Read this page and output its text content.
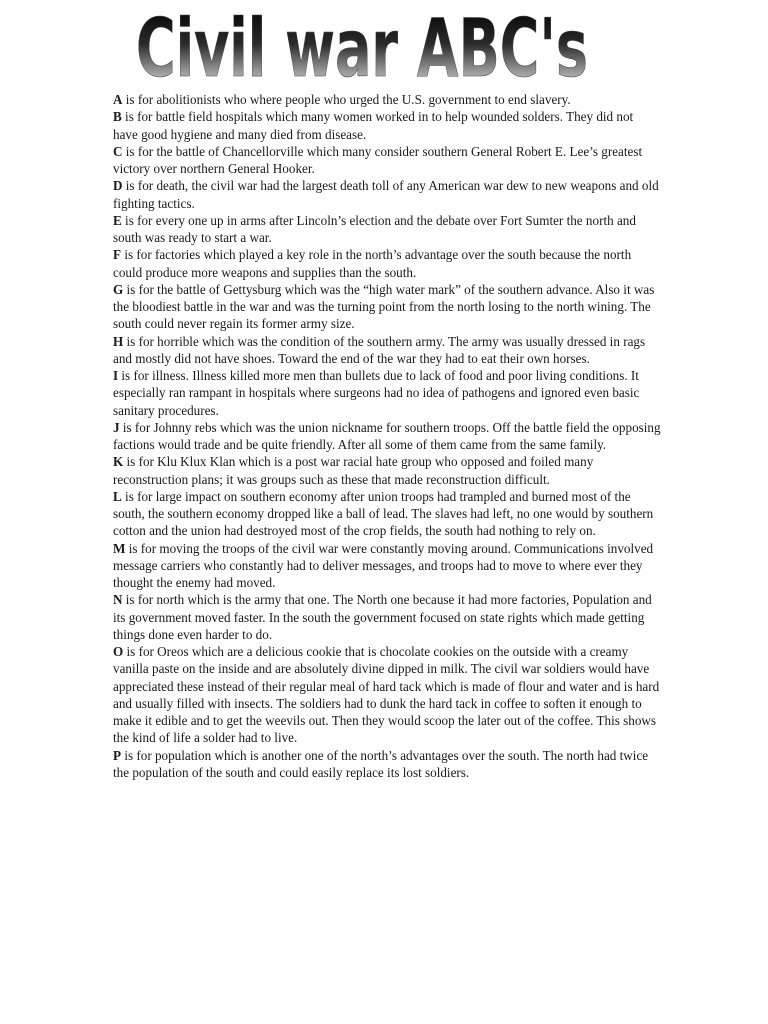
Civil war ABC's

A is for abolitionists who where people who urged the U.S. government to end slavery.

B is for battle field hospitals which many women worked in to help wounded solders. They did not have good hygiene and many died from disease.

C is for the battle of Chancellorville which many consider southern General Robert E. Lee’s greatest victory over northern General Hooker.

D is for death, the civil war had the largest death toll of any American war dew to new weapons and old fighting tactics.

E is for every one up in arms after Lincoln’s election and the debate over Fort Sumter the north and south was ready to start a war.

F is for factories which played a key role in the north’s advantage over the south because the north could produce more weapons and supplies than the south.

G is for the battle of Gettysburg which was the “high water mark” of the southern advance. Also it was the bloodiest battle in the war and was the turning point from the north losing to the north wining. The south could never regain its former army size.

H is for horrible which was the condition of the southern army. The army was usually dressed in rags and mostly did not have shoes. Toward the end of the war they had to eat their own horses.

I is for illness. Illness killed more men than bullets due to lack of food and poor living conditions. It especially ran rampant in hospitals where surgeons had no idea of pathogens and ignored even basic sanitary procedures.

J is for Johnny rebs which was the union nickname for southern troops. Off the battle field the opposing factions would trade and be quite friendly. After all some of them came from the same family.

K is for Klu Klux Klan which is a post war racial hate group who opposed and foiled many reconstruction plans; it was groups such as these that made reconstruction difficult.

L is for large impact on southern economy after union troops had trampled and burned most of the south, the southern economy dropped like a ball of lead. The slaves had left, no one would by southern cotton and the union had destroyed most of the crop fields, the south had nothing to rely on.

M is for moving the troops of the civil war were constantly moving around. Communications involved message carriers who constantly had to deliver messages, and troops had to move to where ever they thought the enemy had moved.

N is for north which is the army that one. The North one because it had more factories, Population and its government moved faster. In the south the government focused on state rights which made getting things done even harder to do.

O is for Oreos which are a delicious cookie that is chocolate cookies on the outside with a creamy vanilla paste on the inside and are absolutely divine dipped in milk. The civil war soldiers would have appreciated these instead of their regular meal of hard tack which is made of flour and water and is hard and usually filled with insects. The soldiers had to dunk the hard tack in coffee to soften it enough to make it edible and to get the weevils out. Then they would scoop the later out of the coffee. This shows the kind of life a solder had to live.

P is for population which is another one of the north’s advantages over the south. The north had twice the population of the south and could easily replace its lost soldiers.
